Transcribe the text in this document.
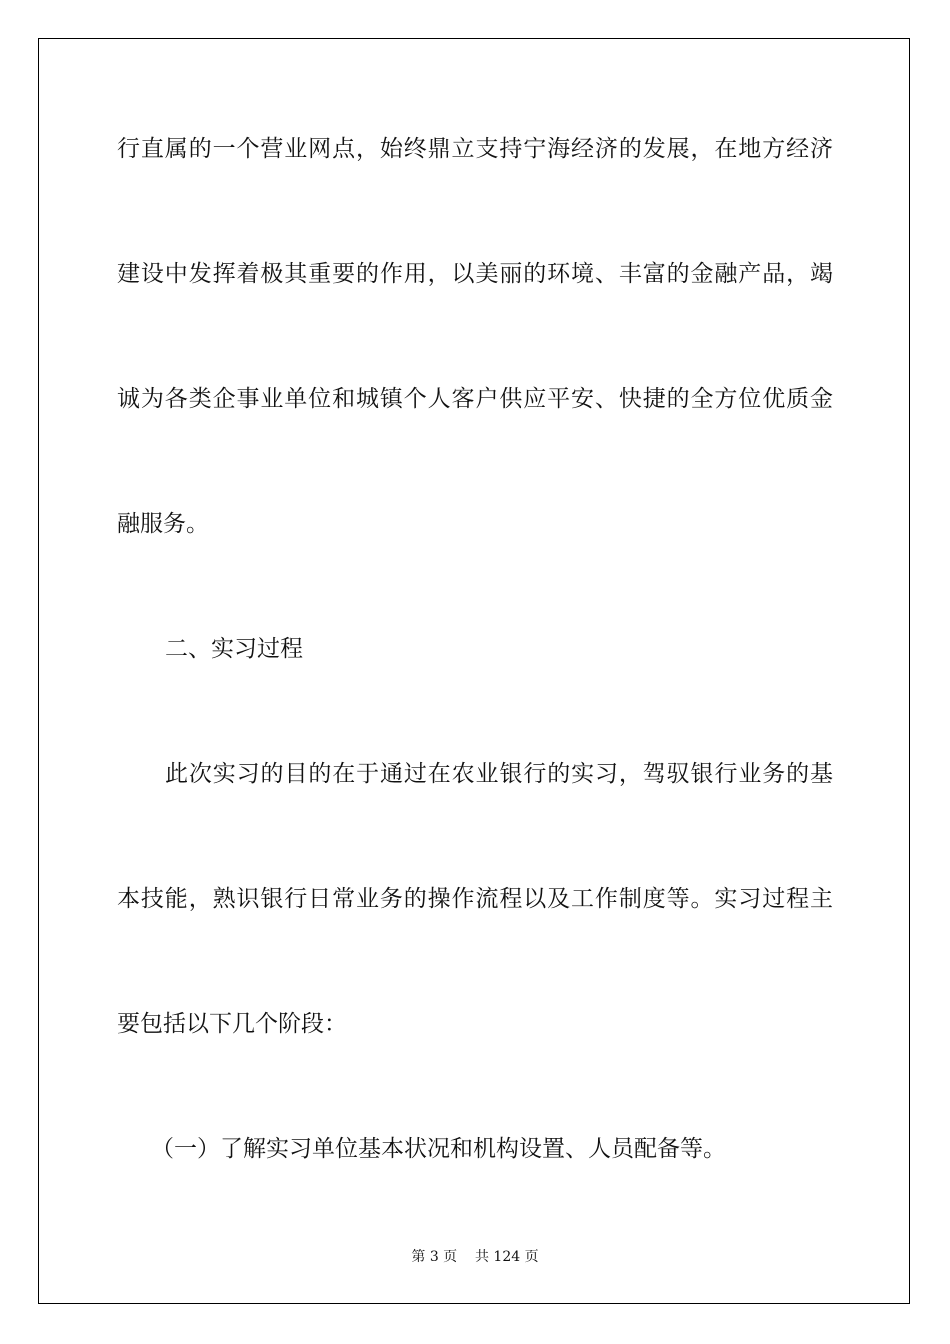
行直属的一个营业网点，始终鼎立支持宁海经济的发展，在地方经济
建设中发挥着极其重要的作用，以美丽的环境、丰富的金融产品，竭
诚为各类企事业单位和城镇个人客户供应平安、快捷的全方位优质金
融服务。
二、实习过程
此次实习的目的在于通过在农业银行的实习，驾驭银行业务的基
本技能，熟识银行日常业务的操作流程以及工作制度等。实习过程主
要包括以下几个阶段：
（一）了解实习单位基本状况和机构设置、人员配备等。
第 3 页    共 124 页
